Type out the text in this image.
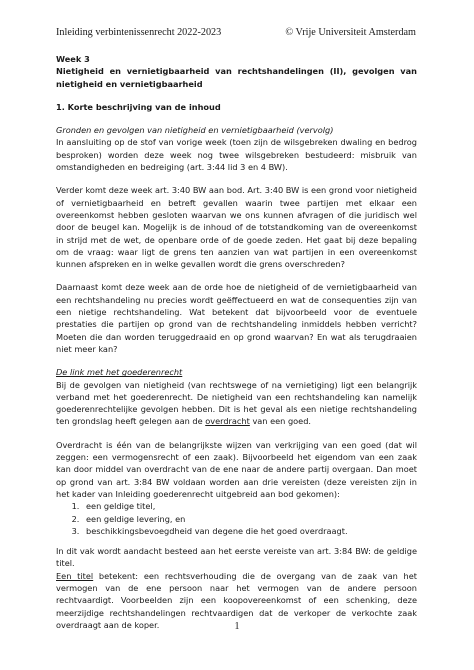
Inleiding verbintenissenrecht 2022-2023	© Vrije Universiteit Amsterdam

Week 3

Nietigheid en vernietigbaarheid van rechtshandelingen (II), gevolgen van nietigheid en vernietigbaarheid

1. Korte beschrijving van de inhoud

Gronden en gevolgen van nietigheid en vernietigbaarheid (vervolg)

In aansluiting op de stof van vorige week (toen zijn de wilsgebreken dwaling en bedrog besproken) worden deze week nog twee wilsgebreken bestudeerd: misbruik van omstandigheden en bedreiging (art. 3:44 lid 3 en 4 BW).

Verder komt deze week art. 3:40 BW aan bod. Art. 3:40 BW is een grond voor nietigheid of vernietigbaarheid en betreft gevallen waarin twee partijen met elkaar een overeenkomst hebben gesloten waarvan we ons kunnen afvragen of die juridisch wel door de beugel kan. Mogelijk is de inhoud of de totstandkoming van de overeenkomst in strijd met de wet, de openbare orde of de goede zeden. Het gaat bij deze bepaling om de vraag: waar ligt de grens ten aanzien van wat partijen in een overeenkomst kunnen afspreken en in welke gevallen wordt die grens overschreden?

Daarnaast komt deze week aan de orde hoe de nietigheid of de vernietigbaarheid van een rechtshandeling nu precies wordt geëffectueerd en wat de consequenties zijn van een nietige rechtshandeling. Wat betekent dat bijvoorbeeld voor de eventuele prestaties die partijen op grond van de rechtshandeling inmiddels hebben verricht? Moeten die dan worden teruggedraaid en op grond waarvan? En wat als terugdraaien niet meer kan?

De link met het goederenrecht

Bij de gevolgen van nietigheid (van rechtswege of na vernietiging) ligt een belangrijk verband met het goederenrecht. De nietigheid van een rechtshandeling kan namelijk goederenrechtelijke gevolgen hebben. Dit is het geval als een nietige rechtshandeling ten grondslag heeft gelegen aan de overdracht van een goed.

Overdracht is één van de belangrijkste wijzen van verkrijging van een goed (dat wil zeggen: een vermogensrecht of een zaak). Bijvoorbeeld het eigendom van een zaak kan door middel van overdracht van de ene naar de andere partij overgaan. Dan moet op grond van art. 3:84 BW voldaan worden aan drie vereisten (deze vereisten zijn in het kader van Inleiding goederenrecht uitgebreid aan bod gekomen):

1. een geldige titel,
2. een geldige levering, en
3. beschikkingsbevoegdheid van degene die het goed overdraagt.

In dit vak wordt aandacht besteed aan het eerste vereiste van art. 3:84 BW: de geldige titel.

Een titel betekent: een rechtsverhouding die de overgang van de zaak van het vermogen van de ene persoon naar het vermogen van de andere persoon rechtvaardigt. Voorbeelden zijn een koopovereenkomst of een schenking, deze meerzijdige rechtshandelingen rechtvaardigen dat de verkoper de verkochte zaak overdraagt aan de koper.	1
